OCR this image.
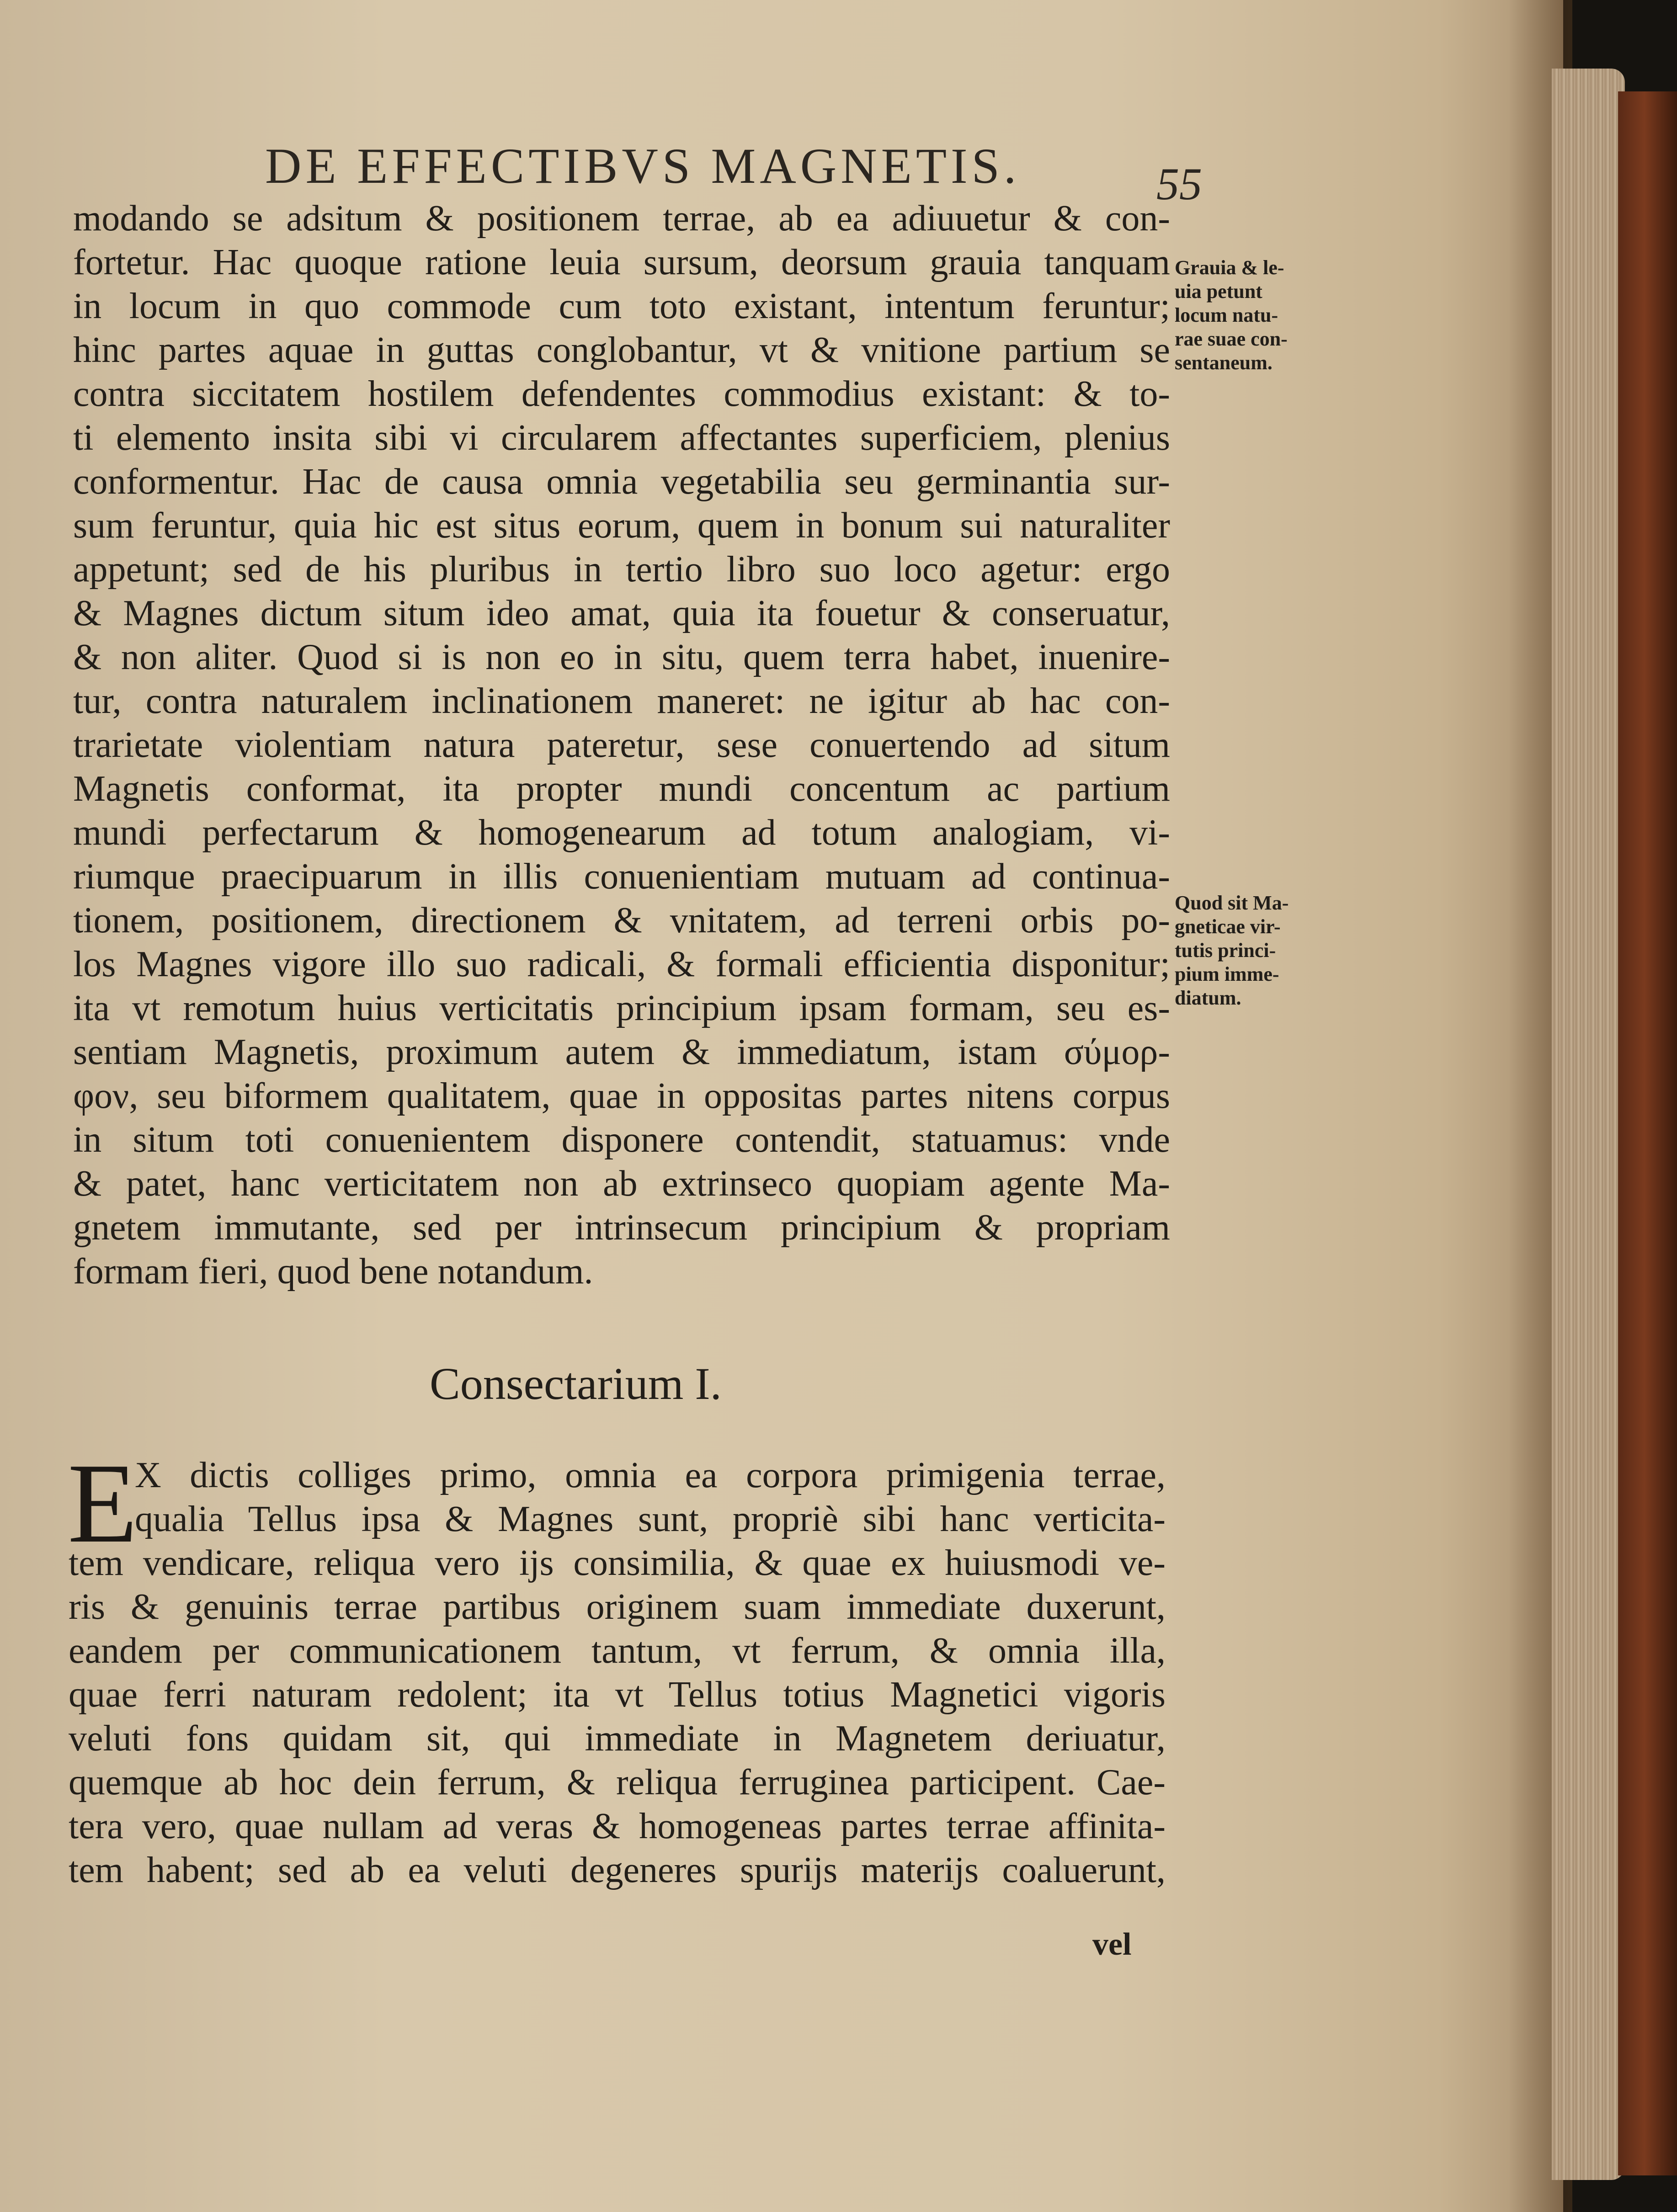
DE EFFECTIBVS MAGNETIS.	55
modando se adsitum & positionem terrae, ab ea adiuuetur & con-
fortetur. Hac quoque ratione leuia sursum, deorsum grauia tanquam
in locum in quo commode cum toto existant, intentum feruntur;
hinc partes aquae in guttas conglobantur, vt & vnitione partium se
contra siccitatem hostilem defendentes commodius existant: & to-
ti elemento insita sibi vi circularem affectantes superficiem, plenius
conformentur. Hac de causa omnia vegetabilia seu germinantia sur-
sum feruntur, quia hic est situs eorum, quem in bonum sui naturaliter
appetunt; sed de his pluribus in tertio libro suo loco agetur: ergo
& Magnes dictum situm ideo amat, quia ita fouetur & conseruatur,
& non aliter. Quod si is non eo in situ, quem terra habet, inuenire-
tur, contra naturalem inclinationem maneret: ne igitur ab hac con-
trarietate violentiam natura pateretur, sese conuertendo ad situm
Magnetis conformat, ita propter mundi concentum ac partium
mundi perfectarum & homogenearum ad totum analogiam, vi-
riumque praecipuarum in illis conuenientiam mutuam ad continua-
tionem, positionem, directionem & vnitatem, ad terreni orbis po-
los Magnes vigore illo suo radicali, & formali efficientia disponitur;
ita vt remotum huius verticitatis principium ipsam formam, seu es-
sentiam Magnetis, proximum autem & immediatum, istam σύμορ-
φον, seu biformem qualitatem, quae in oppositas partes nitens corpus
in situm toti conuenientem disponere contendit, statuamus: vnde
& patet, hanc verticitatem non ab extrinseco quopiam agente Ma-
gnetem immutante, sed per intrinsecum principium & propriam
formam fieri, quod bene notandum.
Grauia & le-
uia petunt
locum natu-
rae suae con-
sentaneum.
Quod sit Ma-
gneticae vir-
tutis princi-
pium imme-
diatum.
Consectarium I.
E
X dictis colliges primo, omnia ea corpora primigenia terrae,
qualia Tellus ipsa & Magnes sunt, propriè sibi hanc verticita-
tem vendicare, reliqua vero ijs consimilia, & quae ex huiusmodi ve-
ris & genuinis terrae partibus originem suam immediate duxerunt,
eandem per communicationem tantum, vt ferrum, & omnia illa,
quae ferri naturam redolent; ita vt Tellus totius Magnetici vigoris
veluti fons quidam sit, qui immediate in Magnetem deriuatur,
quemque ab hoc dein ferrum, & reliqua ferruginea participent. Cae-
tera vero, quae nullam ad veras & homogeneas partes terrae affinita-
tem habent; sed ab ea veluti degeneres spurijs materijs coaluerunt,
vel
